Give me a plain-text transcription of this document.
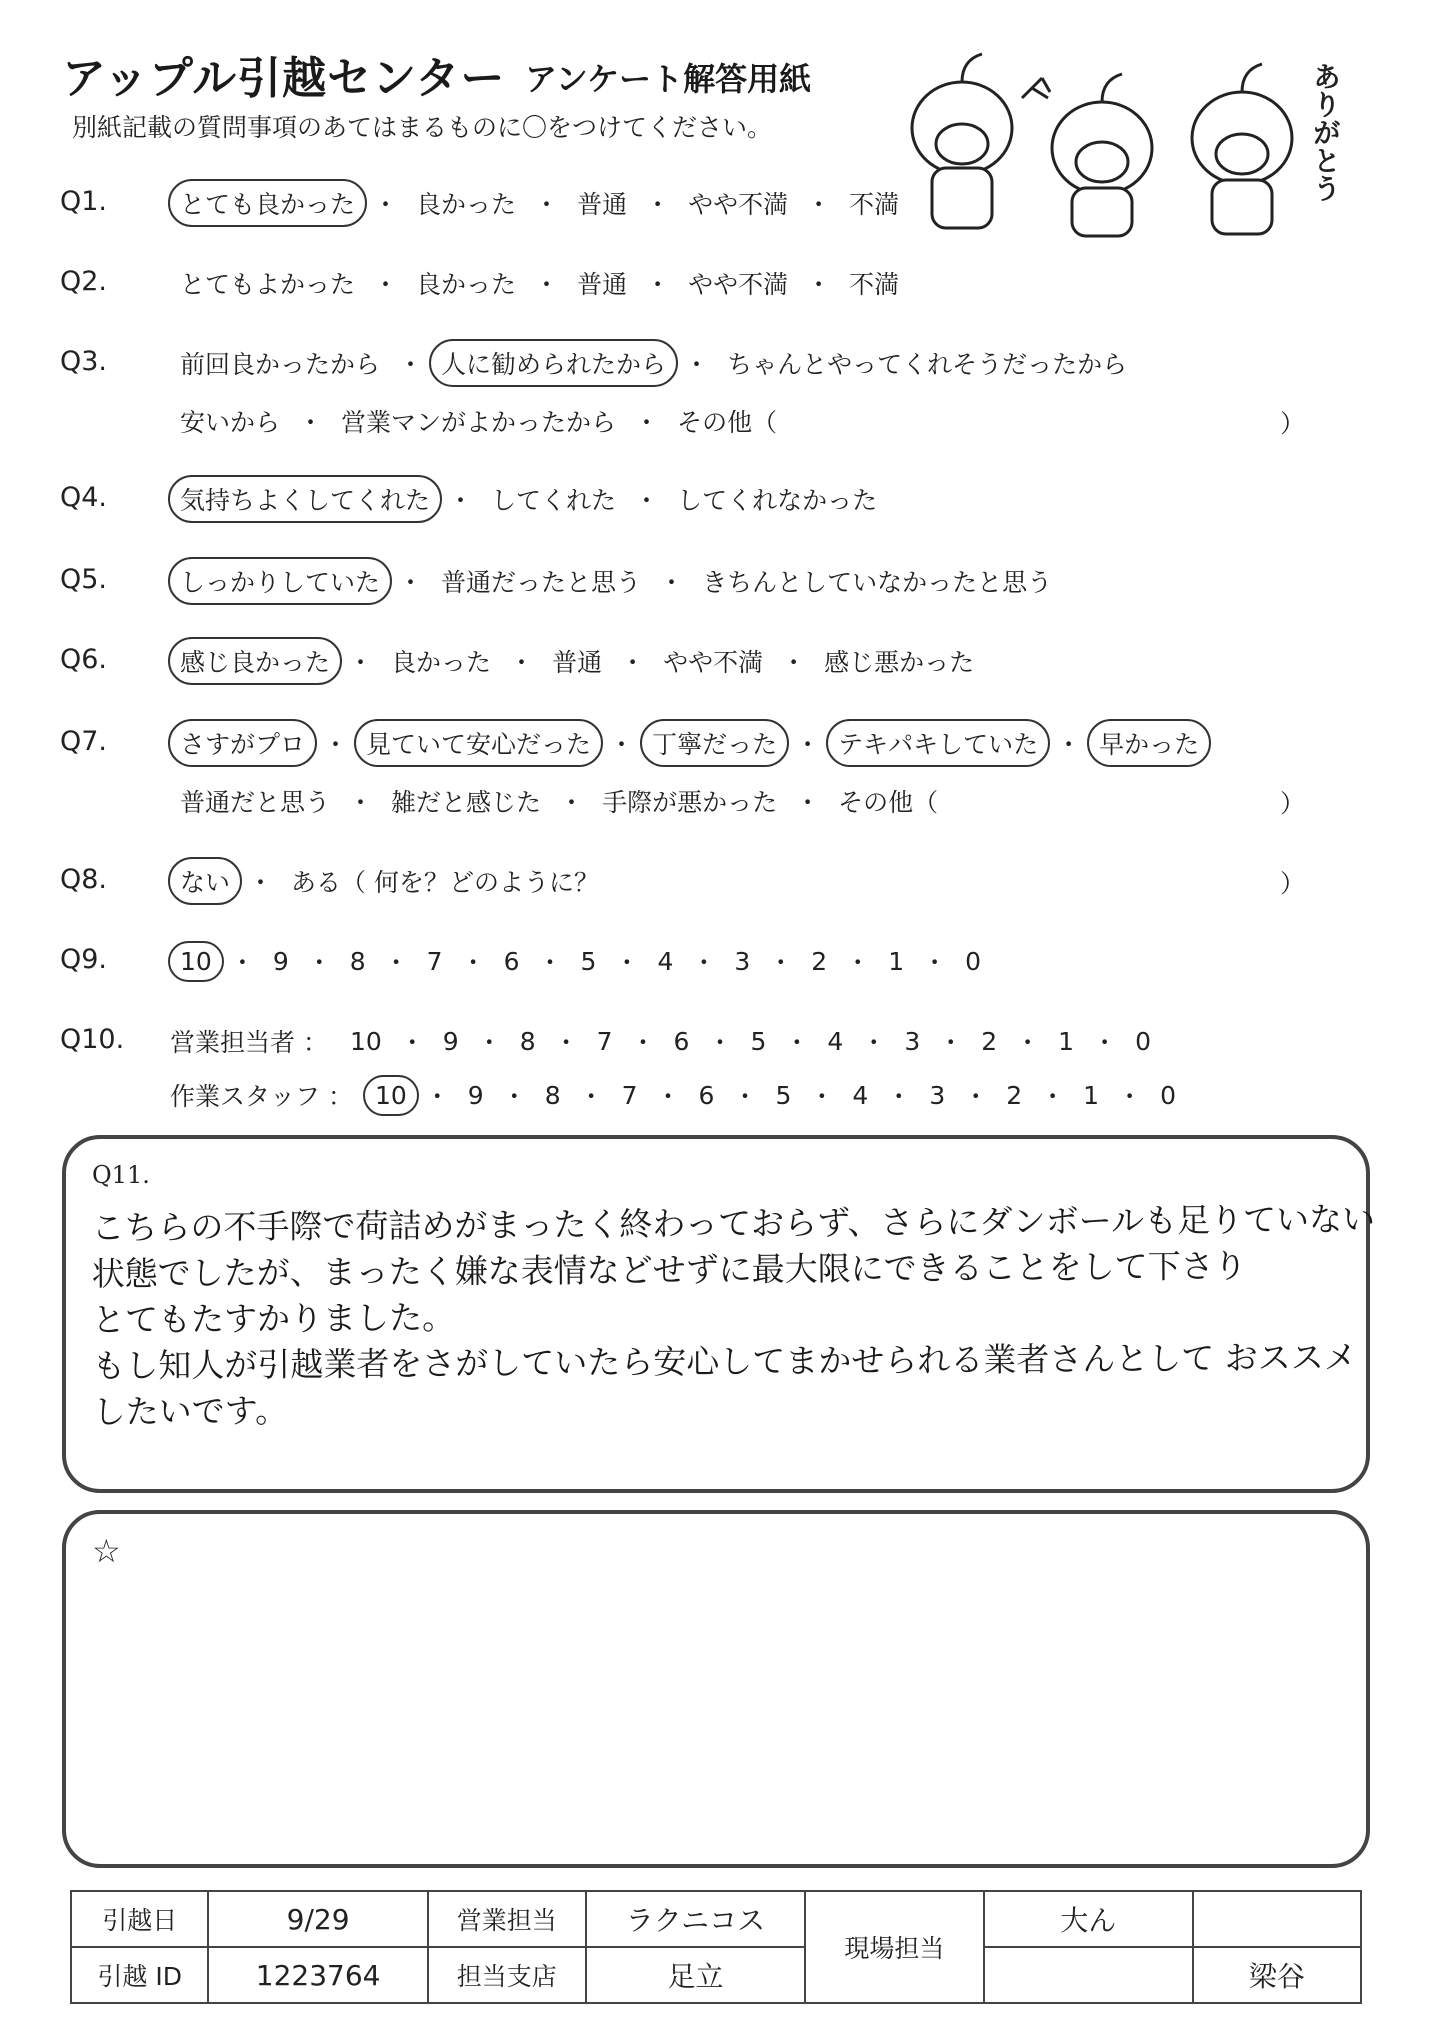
アップル引越センター アンケート解答用紙
別紙記載の質問事項のあてはまるものに〇をつけてください。	ありがとう
Q1.	とても良かった ・ 良かった ・ 普通 ・ やや不満 ・ 不満
Q2.	とてもよかった ・ 良かった ・ 普通 ・ やや不満 ・ 不満
Q3.	前回良かったから ・ 人に勧められたから ・ ちゃんとやってくれそうだったから
安いから ・ 営業マンがよかったから ・ その他（	）
Q4.	気持ちよくしてくれた ・ してくれた ・ してくれなかった
Q5.	しっかりしていた ・ 普通だったと思う ・ きちんとしていなかったと思う
Q6.	感じ良かった ・ 良かった ・ 普通 ・ やや不満 ・ 感じ悪かった
Q7.	さすがプロ ・ 見ていて安心だった ・ 丁寧だった ・ テキパキしていた ・ 早かった
普通だと思う ・ 雑だと感じた ・ 手際が悪かった ・ その他（	）
Q8.	ない ・ ある（ 何を？どのように？	）
Q9.	10 ・ 9 ・ 8 ・ 7 ・ 6 ・ 5 ・ 4 ・ 3 ・ 2 ・ 1 ・ 0
Q10. 営業担当者 ： 10 ・ 9 ・ 8 ・ 7 ・ 6 ・ 5 ・ 4 ・ 3 ・ 2 ・ 1 ・ 0
作業スタッフ ： 10 ・ 9 ・ 8 ・ 7 ・ 6 ・ 5 ・ 4 ・ 3 ・ 2 ・ 1 ・ 0
Q11.
こちらの不手際で荷詰めがまったく終わっておらず、さらにダンボールも足りていない
状態でしたが、まったく嫌な表情などせずに最大限にできることをして下さり
とてもたすかりました。
もし知人が引越業者をさがしていたら安心してまかせられる業者さんとして おススメ
したいです。
☆
引越日	9/29	営業担当	ラクニコス	現場担当	大ん	
引越 ID	1223764	担当支店	足立			梁谷
